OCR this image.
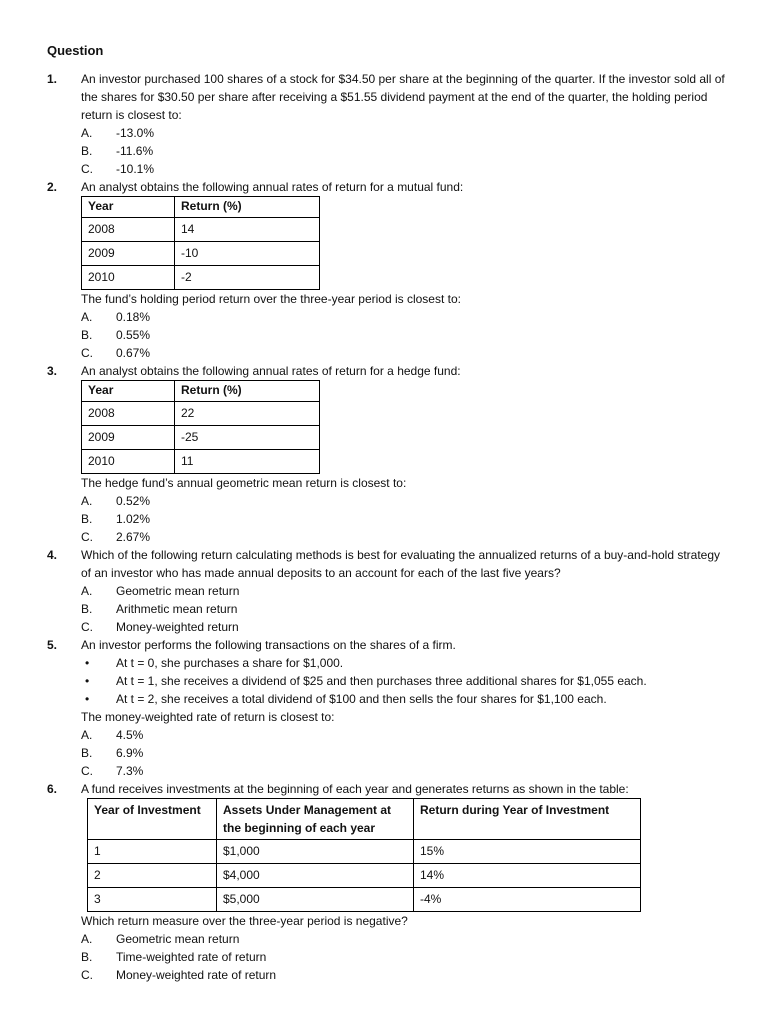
Question
1. An investor purchased 100 shares of a stock for $34.50 per share at the beginning of the quarter. If the investor sold all of the shares for $30.50 per share after receiving a $51.55 dividend payment at the end of the quarter, the holding period return is closest to:
A. -13.0%
B. -11.6%
C. -10.1%
2. An analyst obtains the following annual rates of return for a mutual fund:
Year	Return (%)
2008	14
2009	-10
2010	-2
The fund’s holding period return over the three-year period is closest to:
A. 0.18%
B. 0.55%
C. 0.67%
3. An analyst obtains the following annual rates of return for a hedge fund:
Year	Return (%)
2008	22
2009	-25
2010	11
The hedge fund’s annual geometric mean return is closest to:
A. 0.52%
B. 1.02%
C. 2.67%
4. Which of the following return calculating methods is best for evaluating the annualized returns of a buy-and-hold strategy of an investor who has made annual deposits to an account for each of the last five years?
A. Geometric mean return
B. Arithmetic mean return
C. Money-weighted return
5. An investor performs the following transactions on the shares of a firm.
• At t = 0, she purchases a share for $1,000.
• At t = 1, she receives a dividend of $25 and then purchases three additional shares for $1,055 each.
• At t = 2, she receives a total dividend of $100 and then sells the four shares for $1,100 each.
The money-weighted rate of return is closest to:
A. 4.5%
B. 6.9%
C. 7.3%
6. A fund receives investments at the beginning of each year and generates returns as shown in the table:
Year of Investment	Assets Under Management at the beginning of each year	Return during Year of Investment
1	$1,000	15%
2	$4,000	14%
3	$5,000	-4%
Which return measure over the three-year period is negative?
A. Geometric mean return
B. Time-weighted rate of return
C. Money-weighted rate of return
